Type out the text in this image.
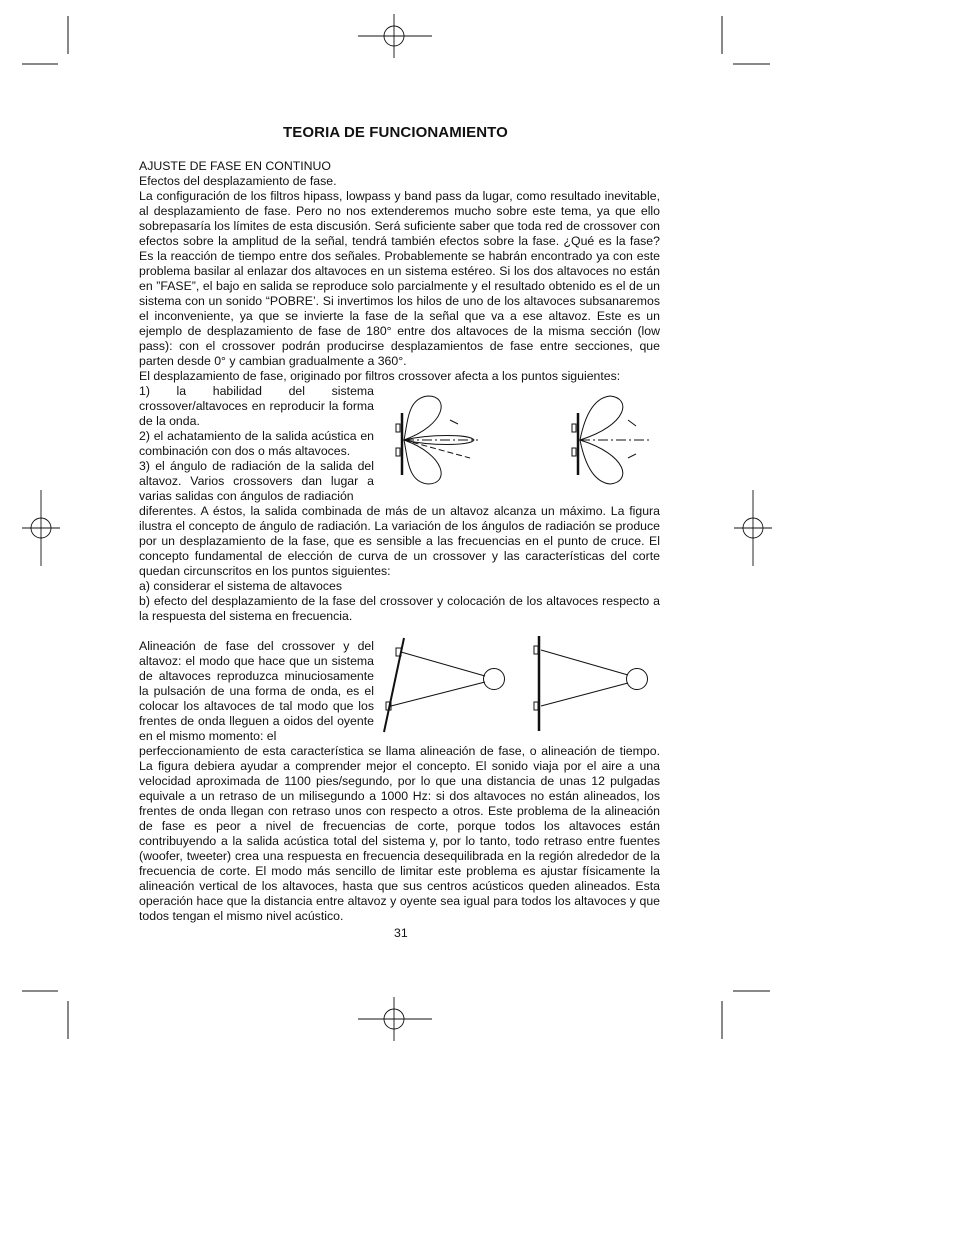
TEORIA DE FUNCIONAMIENTO

AJUSTE DE FASE EN CONTINUO

Efectos del desplazamiento de fase.

La configuración de los filtros hipass, lowpass y band pass da lugar, como resultado inevitable, al desplazamiento de fase. Pero no nos extenderemos mucho sobre este tema, ya que ello sobrepasaría los límites de esta discusión. Será suficiente saber que toda red de crossover con efectos sobre la amplitud de la señal, tendrá también efectos sobre la fase. ¿Qué es la fase? Es la reacción de tiempo entre dos señales. Probablemente se habrán encontrado ya con este problema basilar al enlazar dos altavoces en un sistema estéreo. Si los dos altavoces no están en ”FASE”, el bajo en salida se reproduce solo parcialmente y el resultado obtenido es el de un sistema con un sonido “POBRE’. Si invertimos los hilos de uno de los altavoces subsanaremos el inconveniente, ya que se invierte la fase de la señal que va a ese altavoz. Este es un ejemplo de desplazamiento de fase de 180° entre dos altavoces de la misma sección (low pass): con el crossover podrán producirse desplazamientos de fase entre secciones, que parten desde 0° y cambian gradualmente a 360°.

El desplazamiento de fase, originado por filtros crossover afecta a los puntos siguientes:

1) la habilidad del sistema crossover/altavoces en reproducir la forma de la onda.

2) el achatamiento de la salida acústica en combinación con dos o más altavoces.

3) el ángulo de radiación de la salida del altavoz. Varios crossovers dan lugar a varias salidas con ángulos de radiación

diferentes. A éstos, la salida combinada de más de un altavoz alcanza un máximo. La figura ilustra el concepto de ángulo de radiación. La variación de los ángulos de radiación se produce por un desplazamiento de la fase, que es sensible a las frecuencias en el punto de cruce. El concepto fundamental de elección de curva de un crossover y las características del corte quedan circunscritos en los puntos siguientes:

a) considerar el sistema de altavoces

b) efecto del desplazamiento de la fase del crossover y colocación de los altavoces respecto a la respuesta del sistema en frecuencia.

Alineación de fase del crossover y del altavoz: el modo que hace que un sistema de altavoces reproduzca minuciosamente la pulsación de una forma de onda, es el colocar los altavoces de tal modo que los frentes de onda lleguen a oidos del oyente en el mismo momento: el

perfeccionamiento de esta característica se llama alineación de fase, o alineación de tiempo. La figura debiera ayudar a comprender mejor el concepto. El sonido viaja por el aire a una velocidad aproximada de 1100 pies/segundo, por lo que una distancia de unas 12 pulgadas equivale a un retraso de un milisegundo a 1000 Hz: si dos altavoces no están alineados, los frentes de onda llegan con retraso unos con respecto a otros. Este problema de la alineación de fase es peor a nivel de frecuencias de corte, porque todos los altavoces están contribuyendo a la salida acústica total del sistema y, por lo tanto, todo retraso entre fuentes (woofer, tweeter) crea una respuesta en frecuencia desequilibrada en la región alrededor de la frecuencia de corte. El modo más sencillo de limitar este problema es ajustar físicamente la alineación vertical de los altavoces, hasta que sus centros acústicos queden alineados. Esta operación hace que la distancia entre altavoz y oyente sea igual para todos los altavoces y que todos tengan el mismo nivel acústico.

31
